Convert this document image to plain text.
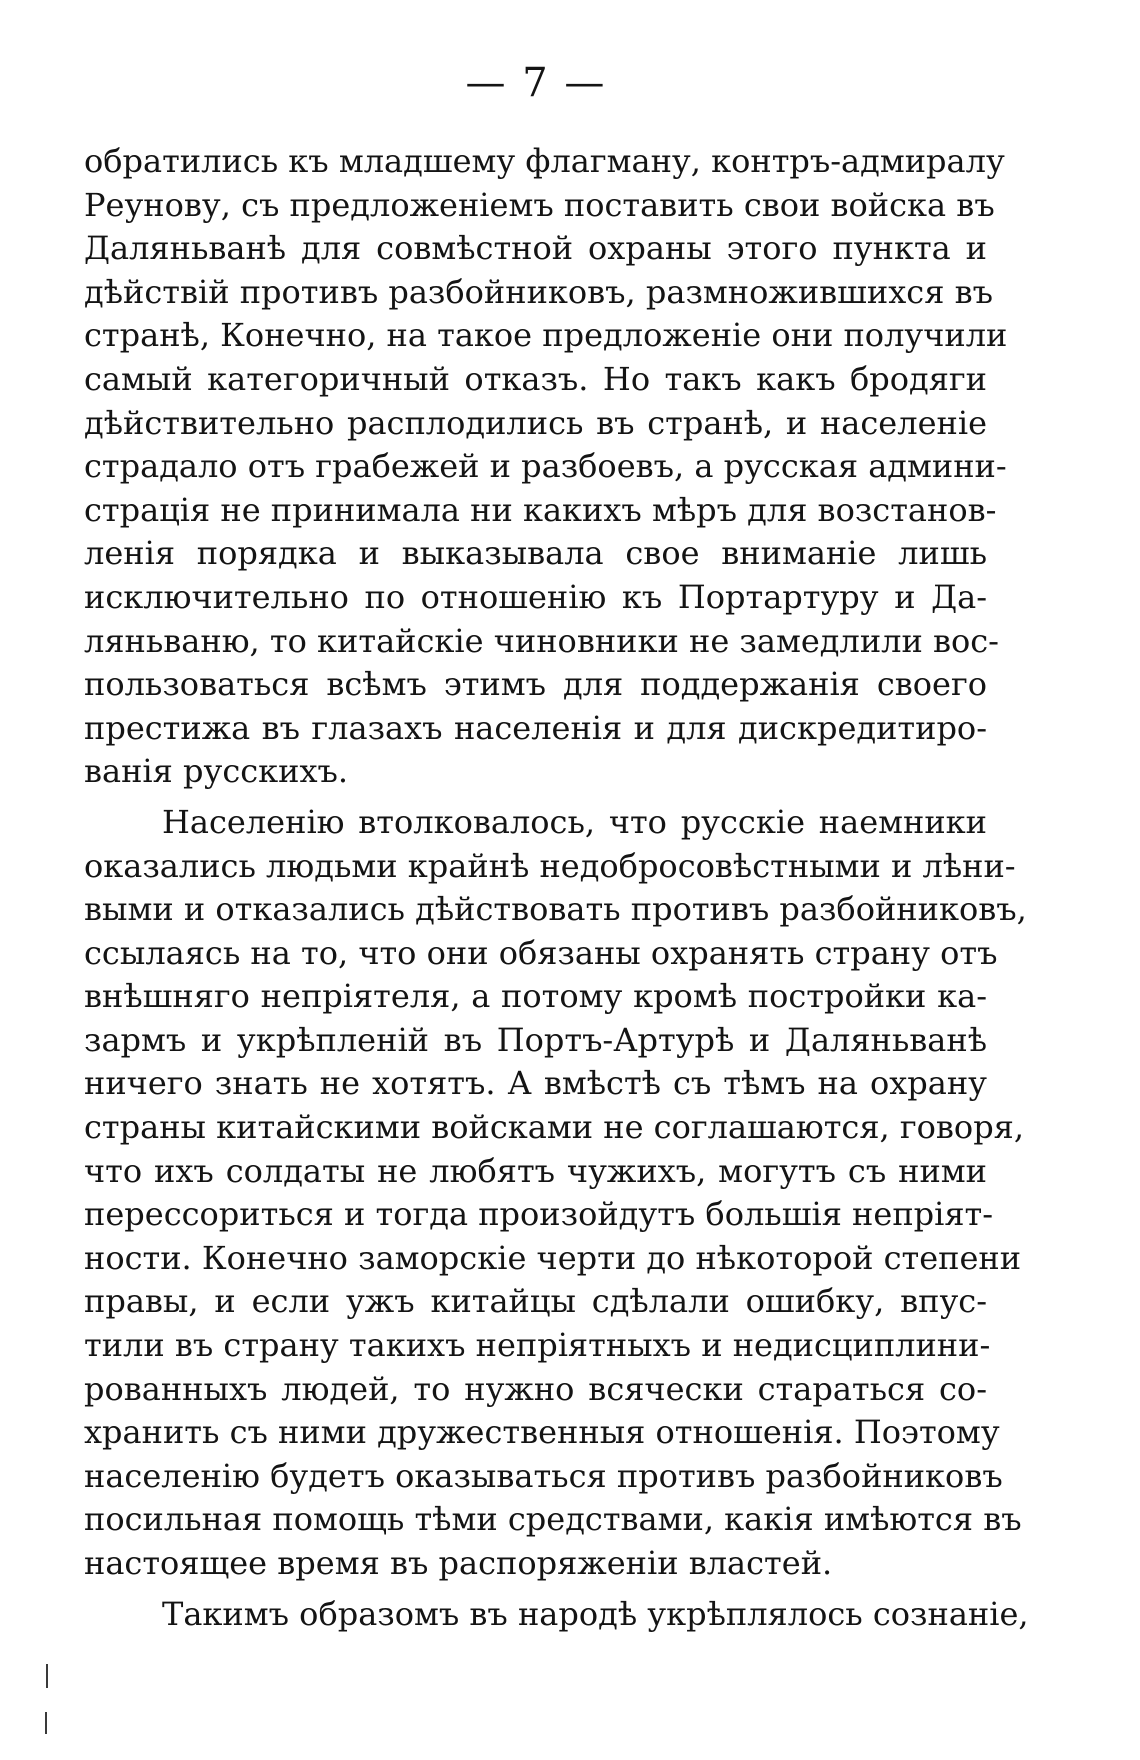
— 7 —
обратились къ младшему флагману, контръ-адмиралу
Реунову, съ предложеніемъ поставить свои войска въ
Даляньванѣ для совмѣстной охраны этого пункта и
дѣйствій противъ разбойниковъ, размножившихся въ
странѣ, Конечно, на такое предложеніе они получили
самый категоричный отказъ. Но такъ какъ бродяги
дѣйствительно расплодились въ странѣ, и населеніе
страдало отъ грабежей и разбоевъ, а русская админи-
страція не принимала ни какихъ мѣръ для возстанов-
ленія порядка и выказывала свое вниманіе лишь
исключительно по отношенію къ Портартуру и Да-
ляньваню, то китайскіе чиновники не замедлили вос-
пользоваться всѣмъ этимъ для поддержанія своего
престижа въ глазахъ населенія и для дискредитиро-
ванія русскихъ.
Населенію втолковалось, что русскіе наемники
оказались людьми крайнѣ недобросовѣстными и лѣни-
выми и отказались дѣйствовать противъ разбойниковъ,
ссылаясь на то, что они обязаны охранять страну отъ
внѣшняго непріятеля, а потому кромѣ постройки ка-
зармъ и укрѣпленій въ Портъ-Артурѣ и Даляньванѣ
ничего знать не хотятъ. А вмѣстѣ съ тѣмъ на охрану
страны китайскими войсками не соглашаются, говоря,
что ихъ солдаты не любятъ чужихъ, могутъ съ ними
перессориться и тогда произойдутъ большія непріят-
ности. Конечно заморскіе черти до нѣкоторой степени
правы, и если ужъ китайцы сдѣлали ошибку, впус-
тили въ страну такихъ непріятныхъ и недисциплини-
рованныхъ людей, то нужно всячески стараться со-
хранить съ ними дружественныя отношенія. Поэтому
населенію будетъ оказываться противъ разбойниковъ
посильная помощь тѣми средствами, какія имѣются въ
настоящее время въ распоряженіи властей.
Такимъ образомъ въ народѣ укрѣплялось сознаніе,
